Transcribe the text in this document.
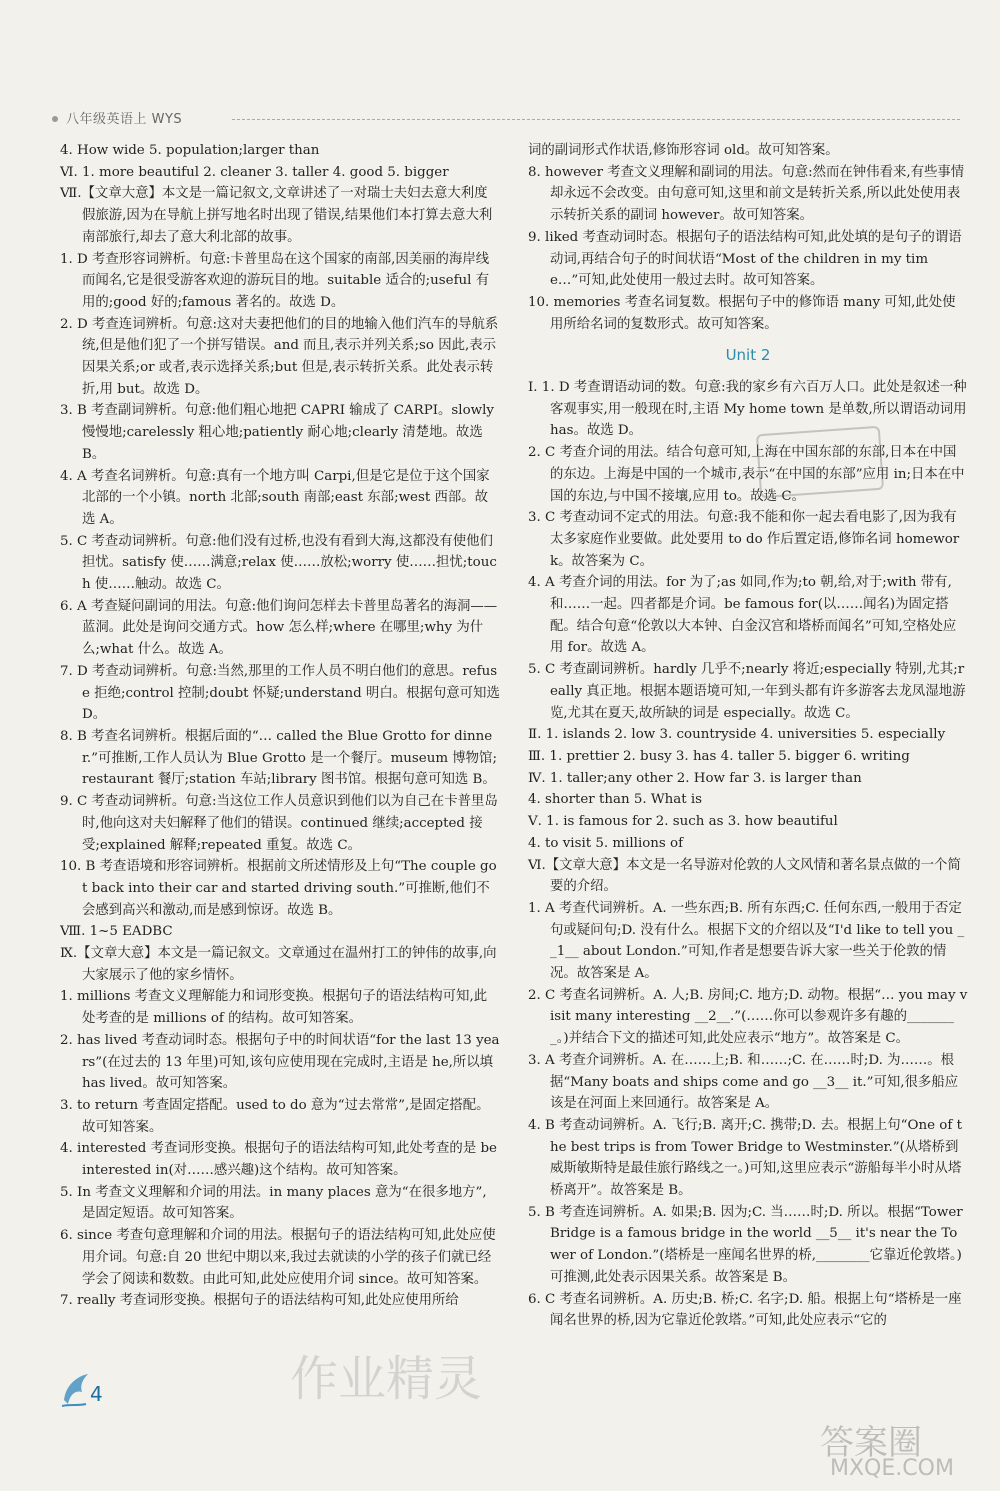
八年级英语上 WYS

4. How wide 5. population;larger than

Ⅵ. 1. more beautiful 2. cleaner 3. taller 4. good 5. bigger

Ⅶ.【文章大意】本文是一篇记叙文,文章讲述了一对瑞士夫妇去意大利度假旅游,因为在导航上拼写地名时出现了错误,结果他们本打算去意大利南部旅行,却去了意大利北部的故事。

1. D 考查形容词辨析。句意:卡普里岛在这个国家的南部,因美丽的海岸线而闻名,它是很受游客欢迎的游玩目的地。suitable 适合的;useful 有用的;good 好的;famous 著名的。故选 D。

2. D 考查连词辨析。句意:这对夫妻把他们的目的地输入他们汽车的导航系统,但是他们犯了一个拼写错误。and 而且,表示并列关系;so 因此,表示因果关系;or 或者,表示选择关系;but 但是,表示转折关系。此处表示转折,用 but。故选 D。

3. B 考查副词辨析。句意:他们粗心地把 CAPRI 输成了 CARPI。slowly 慢慢地;carelessly 粗心地;patiently 耐心地;clearly 清楚地。故选 B。

4. A 考查名词辨析。句意:真有一个地方叫 Carpi,但是它是位于这个国家北部的一个小镇。north 北部;south 南部;east 东部;west 西部。故选 A。

5. C 考查动词辨析。句意:他们没有过桥,也没有看到大海,这都没有使他们担忧。satisfy 使……满意;relax 使……放松;worry 使……担忧;touch 使……触动。故选 C。

6. A 考查疑问副词的用法。句意:他们询问怎样去卡普里岛著名的海洞——蓝洞。此处是询问交通方式。how 怎么样;where 在哪里;why 为什么;what 什么。故选 A。

7. D 考查动词辨析。句意:当然,那里的工作人员不明白他们的意思。refuse 拒绝;control 控制;doubt 怀疑;understand 明白。根据句意可知选 D。

8. B 考查名词辨析。根据后面的“… called the Blue Grotto for dinner.”可推断,工作人员认为 Blue Grotto 是一个餐厅。museum 博物馆;restaurant 餐厅;station 车站;library 图书馆。根据句意可知选 B。

9. C 考查动词辨析。句意:当这位工作人员意识到他们以为自己在卡普里岛时,他向这对夫妇解释了他们的错误。continued 继续;accepted 接受;explained 解释;repeated 重复。故选 C。

10. B 考查语境和形容词辨析。根据前文所述情形及上句“The couple got back into their car and started driving south.”可推断,他们不会感到高兴和激动,而是感到惊讶。故选 B。

Ⅷ. 1~5 EADBC

Ⅸ.【文章大意】本文是一篇记叙文。文章通过在温州打工的钟伟的故事,向大家展示了他的家乡情怀。

1. millions 考查文义理解能力和词形变换。根据句子的语法结构可知,此处考查的是 millions of 的结构。故可知答案。

2. has lived 考查动词时态。根据句子中的时间状语“for the last 13 years”(在过去的 13 年里)可知,该句应使用现在完成时,主语是 he,所以填 has lived。故可知答案。

3. to return 考查固定搭配。used to do 意为“过去常常”,是固定搭配。故可知答案。

4. interested 考查词形变换。根据句子的语法结构可知,此处考查的是 be interested in(对……感兴趣)这个结构。故可知答案。

5. In 考查文义理解和介词的用法。in many places 意为“在很多地方”,是固定短语。故可知答案。

6. since 考查句意理解和介词的用法。根据句子的语法结构可知,此处应使用介词。句意:自 20 世纪中期以来,我过去就读的小学的孩子们就已经学会了阅读和数数。由此可知,此处应使用介词 since。故可知答案。

7. really 考查词形变换。根据句子的语法结构可知,此处应使用所给

词的副词形式作状语,修饰形容词 old。故可知答案。

8. however 考查文义理解和副词的用法。句意:然而在钟伟看来,有些事情却永远不会改变。由句意可知,这里和前文是转折关系,所以此处使用表示转折关系的副词 however。故可知答案。

9. liked 考查动词时态。根据句子的语法结构可知,此处填的是句子的谓语动词,再结合句子的时间状语“Most of the children in my time…”可知,此处使用一般过去时。故可知答案。

10. memories 考查名词复数。根据句子中的修饰语 many 可知,此处使用所给名词的复数形式。故可知答案。

Unit 2

Ⅰ. 1. D 考查谓语动词的数。句意:我的家乡有六百万人口。此处是叙述一种客观事实,用一般现在时,主语 My home town 是单数,所以谓语动词用 has。故选 D。

2. C 考查介词的用法。结合句意可知,上海在中国东部的东部,日本在中国的东边。上海是中国的一个城市,表示“在中国的东部”应用 in;日本在中国的东边,与中国不接壤,应用 to。故选 C。

3. C 考查动词不定式的用法。句意:我不能和你一起去看电影了,因为我有太多家庭作业要做。此处要用 to do 作后置定语,修饰名词 homework。故答案为 C。

4. A 考查介词的用法。for 为了;as 如同,作为;to 朝,给,对于;with 带有,和……一起。四者都是介词。be famous for(以……闻名)为固定搭配。结合句意“伦敦以大本钟、白金汉宫和塔桥而闻名”可知,空格处应用 for。故选 A。

5. C 考查副词辨析。hardly 几乎不;nearly 将近;especially 特别,尤其;really 真正地。根据本题语境可知,一年到头都有许多游客去龙凤湿地游览,尤其在夏天,故所缺的词是 especially。故选 C。

Ⅱ. 1. islands 2. low 3. countryside 4. universities 5. especially

Ⅲ. 1. prettier 2. busy 3. has 4. taller 5. bigger 6. writing

Ⅳ. 1. taller;any other 2. How far 3. is larger than

4. shorter than 5. What is

Ⅴ. 1. is famous for 2. such as 3. how beautiful

4. to visit 5. millions of

Ⅵ.【文章大意】本文是一名导游对伦敦的人文风情和著名景点做的一个简要的介绍。

1. A 考查代词辨析。A. 一些东西;B. 所有东西;C. 任何东西,一般用于否定句或疑问句;D. 没有什么。根据下文的介绍以及“I'd like to tell you __1__ about London.”可知,作者是想要告诉大家一些关于伦敦的情况。故答案是 A。

2. C 考查名词辨析。A. 人;B. 房间;C. 地方;D. 动物。根据“… you may visit many interesting __2__.”(……你可以参观许多有趣的________。)并结合下文的描述可知,此处应表示“地方”。故答案是 C。

3. A 考查介词辨析。A. 在……上;B. 和……;C. 在……时;D. 为……。根据“Many boats and ships come and go __3__ it.”可知,很多船应该是在河面上来回通行。故答案是 A。

4. B 考查动词辨析。A. 飞行;B. 离开;C. 携带;D. 去。根据上句“One of the best trips is from Tower Bridge to Westminster.”(从塔桥到威斯敏斯特是最佳旅行路线之一。)可知,这里应表示“游船每半小时从塔桥离开”。故答案是 B。

5. B 考查连词辨析。A. 如果;B. 因为;C. 当……时;D. 所以。根据“Tower Bridge is a famous bridge in the world __5__ it's near the Tower of London.”(塔桥是一座闻名世界的桥,________它靠近伦敦塔。)可推测,此处表示因果关系。故答案是 B。

6. C 考查名词辨析。A. 历史;B. 桥;C. 名字;D. 船。根据上句“塔桥是一座闻名世界的桥,因为它靠近伦敦塔。”可知,此处应表示“它的

4	作业精灵
答案圈
MXQE.COM
